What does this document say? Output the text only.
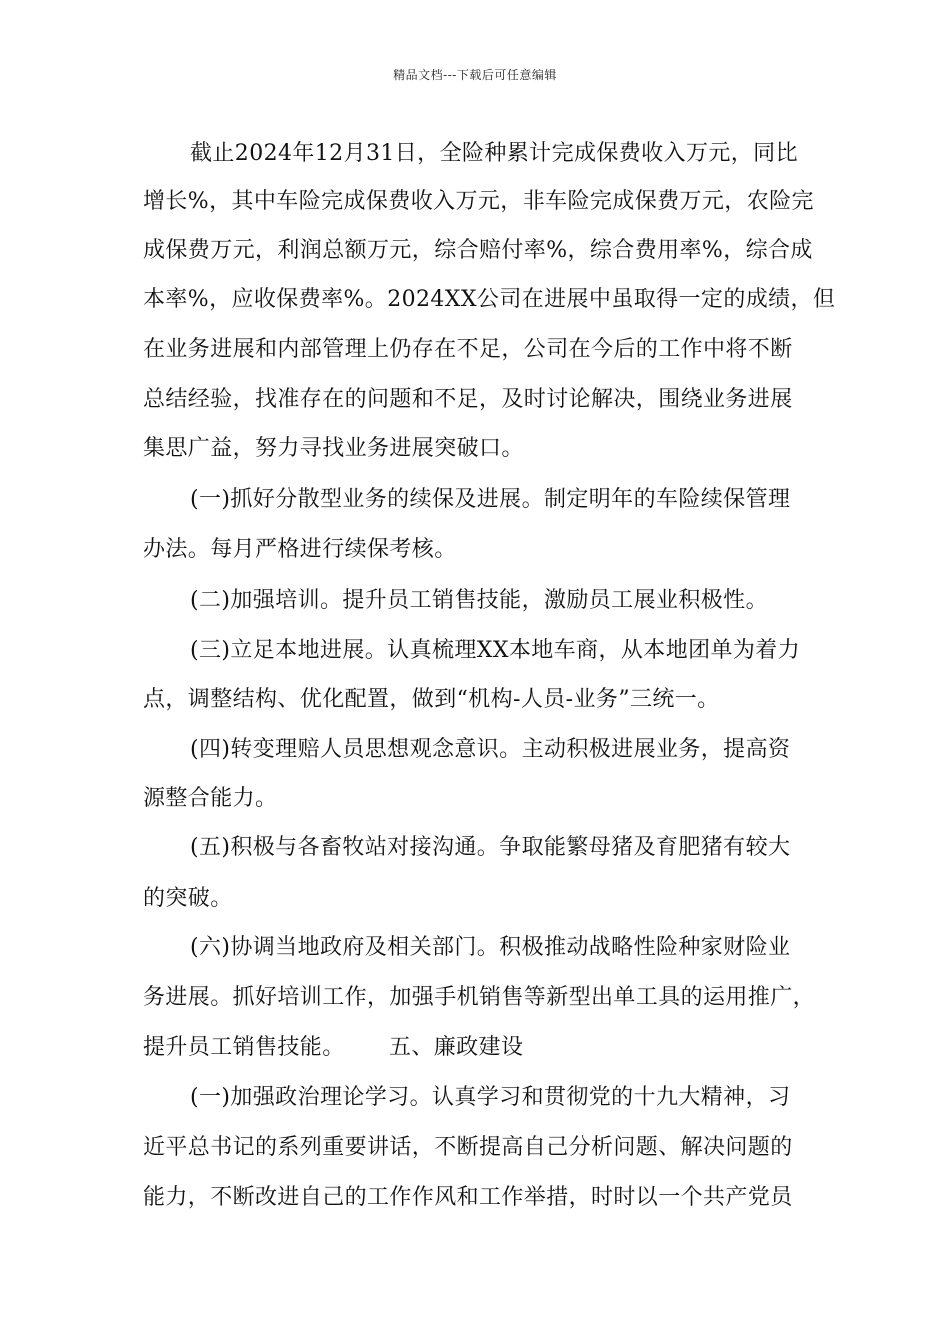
精品文档---下载后可任意编辑
截止2024年12月31日，全险种累计完成保费收入万元，同比
增长%，其中车险完成保费收入万元，非车险完成保费万元，农险完
成保费万元，利润总额万元，综合赔付率%，综合费用率%，综合成
本率%，应收保费率%。2024XX公司在进展中虽取得一定的成绩，但
在业务进展和内部管理上仍存在不足，公司在今后的工作中将不断
总结经验，找准存在的问题和不足，及时讨论解决，围绕业务进展
集思广益，努力寻找业务进展突破口。
(一)抓好分散型业务的续保及进展。制定明年的车险续保管理
办法。每月严格进行续保考核。
(二)加强培训。提升员工销售技能，激励员工展业积极性。
(三)立足本地进展。认真梳理XX本地车商，从本地团单为着力
点，调整结构、优化配置，做到“机构-人员-业务”三统一。
(四)转变理赔人员思想观念意识。主动积极进展业务，提高资
源整合能力。
(五)积极与各畜牧站对接沟通。争取能繁母猪及育肥猪有较大
的突破。
(六)协调当地政府及相关部门。积极推动战略性险种家财险业
务进展。抓好培训工作，加强手机销售等新型出单工具的运用推广，
提升员工销售技能。      五、廉政建设
(一)加强政治理论学习。认真学习和贯彻党的十九大精神，习
近平总书记的系列重要讲话，不断提高自己分析问题、解决问题的
能力，不断改进自己的工作作风和工作举措，时时以一个共产党员
